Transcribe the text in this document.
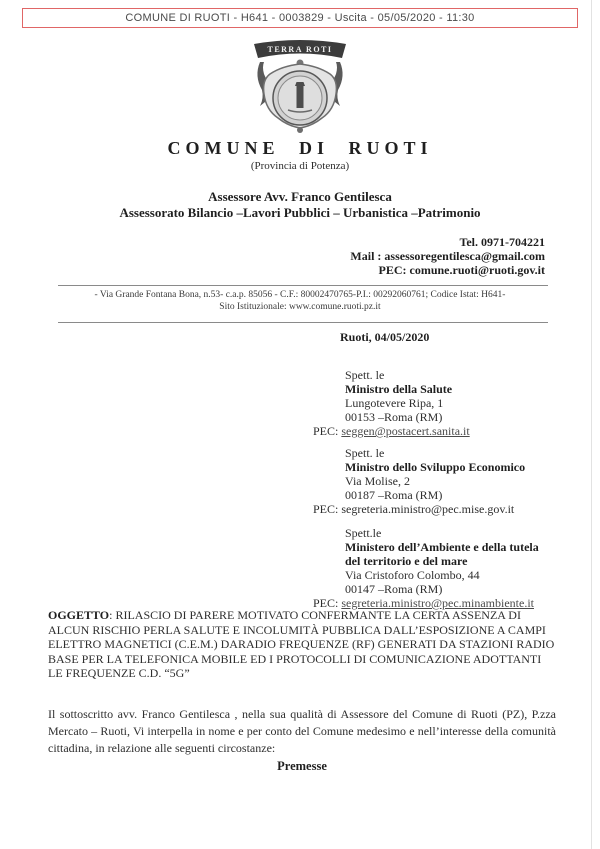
COMUNE DI RUOTI - H641 - 0003829 - Uscita - 05/05/2020 - 11:30
TERRA ROTI
COMUNE DI RUOTI
(Provincia di Potenza)
Assessore Avv. Franco Gentilesca
Assessorato Bilancio –Lavori Pubblici – Urbanistica –Patrimonio
Tel. 0971-704221
Mail : assessoregentilesca@gmail.com
PEC: comune.ruoti@ruoti.gov.it
- Via Grande Fontana Bona, n.53- c.a.p. 85056 - C.F.: 80002470765-P.I.: 00292060761; Codice Istat: H641-
Sito Istituzionale: www.comune.ruoti.pz.it
Ruoti, 04/05/2020
Spett. le
Ministro della Salute
Lungotevere Ripa, 1
00153 –Roma (RM)
PEC: seggen@postacert.sanita.it
Spett. le
Ministro dello Sviluppo Economico
Via Molise, 2
00187 –Roma (RM)
PEC: segreteria.ministro@pec.mise.gov.it
Spett.le
Ministero dell’Ambiente e della tutela
del territorio e del mare
Via Cristoforo Colombo, 44
00147 –Roma (RM)
PEC: segreteria.ministro@pec.minambiente.it
OGGETTO: RILASCIO DI PARERE MOTIVATO CONFERMANTE LA CERTA ASSENZA DI ALCUN RISCHIO PERLA SALUTE E INCOLUMITÀ PUBBLICA DALL’ESPOSIZIONE A CAMPI ELETTRO MAGNETICI (C.E.M.) DARADIO FREQUENZE (RF) GENERATI DA STAZIONI RADIO BASE PER LA TELEFONICA MOBILE ED I PROTOCOLLI DI COMUNICAZIONE ADOTTANTI LE FREQUENZE C.D. “5G”

Il sottoscritto avv. Franco Gentilesca , nella sua qualità di Assessore del Comune di Ruoti (PZ), P.zza Mercato – Ruoti, Vi interpella in nome e per conto del Comune medesimo e nell’interesse della comunità cittadina, in relazione alle seguenti circostanze:

Premesse
